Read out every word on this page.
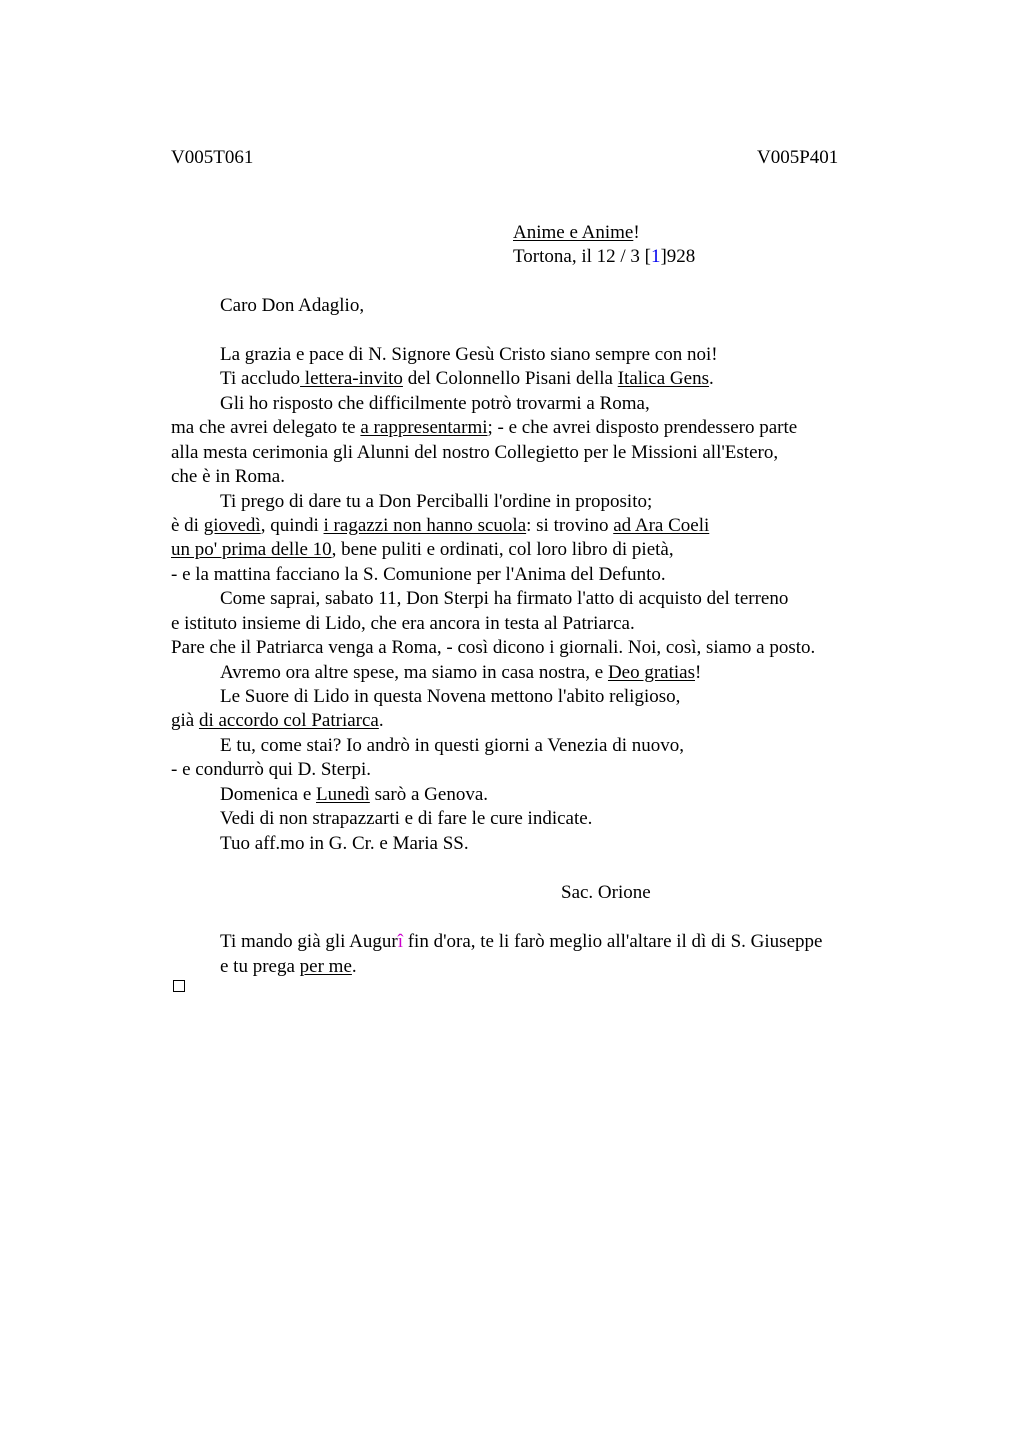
V005T061	V005P401
Anime e Anime!
Tortona, il 12 / 3 [1]928
Caro Don Adaglio,
La grazia e pace di N. Signore Gesù Cristo siano sempre con noi!
Ti accludo lettera-invito del Colonnello Pisani della Italica Gens.
Gli ho risposto che difficilmente potrò trovarmi a Roma,
ma che avrei delegato te a rappresentarmi; - e che avrei disposto prendessero parte
alla mesta cerimonia gli Alunni del nostro Collegietto per le Missioni all'Estero,
che è in Roma.
Ti prego di dare tu a Don Perciballi l'ordine in proposito;
è di giovedì, quindi i ragazzi non hanno scuola: si trovino ad Ara Coeli
un po' prima delle 10, bene puliti e ordinati, col loro libro di pietà,
- e la mattina facciano la S. Comunione per l'Anima del Defunto.
Come saprai, sabato 11, Don Sterpi ha firmato l'atto di acquisto del terreno
e istituto insieme di Lido, che era ancora in testa al Patriarca.
Pare che il Patriarca venga a Roma, - così dicono i giornali. Noi, così, siamo a posto.
Avremo ora altre spese, ma siamo in casa nostra, e Deo gratias!
Le Suore di Lido in questa Novena mettono l'abito religioso,
già di accordo col Patriarca.
E tu, come stai? Io andrò in questi giorni a Venezia di nuovo,
- e condurrò qui D. Sterpi.
Domenica e Lunedì sarò a Genova.
Vedi di non strapazzarti e di fare le cure indicate.
Tuo aff.mo in G. Cr. e Maria SS.
Sac. Orione
Ti mando già gli Augurî fin d'ora, te li farò meglio all'altare il dì di S. Giuseppe
e tu prega per me.
